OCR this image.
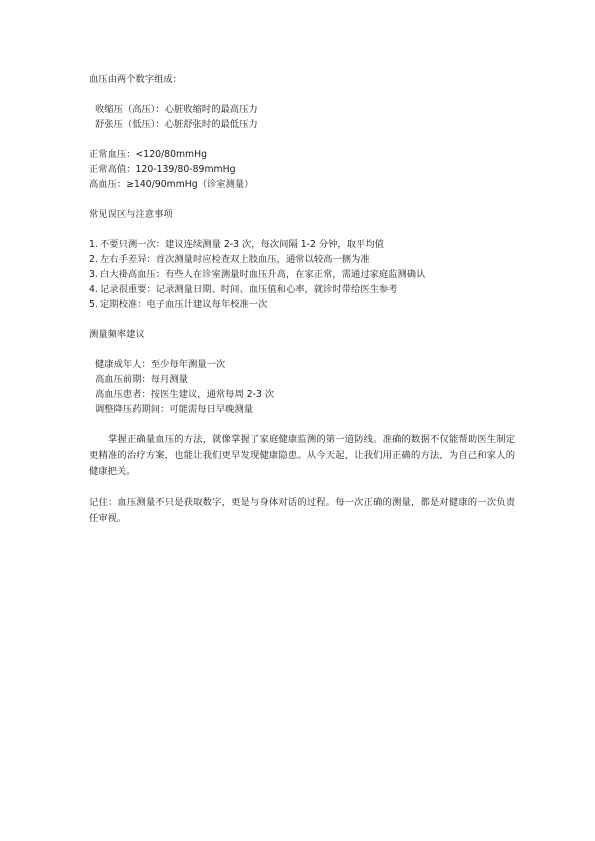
血压由两个数字组成：
收缩压（高压）：心脏收缩时的最高压力
舒张压（低压）：心脏舒张时的最低压力
正常血压：<120/80mmHg
正常高值：120-139/80-89mmHg
高血压：≥140/90mmHg（诊室测量）
常见误区与注意事项
1. 不要只测一次：建议连续测量 2-3 次，每次间隔 1-2 分钟，取平均值
2. 左右手差异：首次测量时应检查双上肢血压，通常以较高一侧为准
3. 白大褂高血压：有些人在诊室测量时血压升高，在家正常，需通过家庭监测确认
4. 记录很重要：记录测量日期、时间、血压值和心率，就诊时带给医生参考
5. 定期校准：电子血压计建议每年校准一次
测量频率建议
健康成年人：至少每年测量一次
高血压前期：每月测量
高血压患者：按医生建议，通常每周 2-3 次
调整降压药期间：可能需每日早晚测量
掌握正确量血压的方法，就像掌握了家庭健康监测的第一道防线。准确的数据不仅能帮助医生制定更精准的治疗方案，也能让我们更早发现健康隐患。从今天起，让我们用正确的方法，为自己和家人的健康把关。
记住：血压测量不只是获取数字，更是与身体对话的过程。每一次正确的测量，都是对健康的一次负责任审视。
